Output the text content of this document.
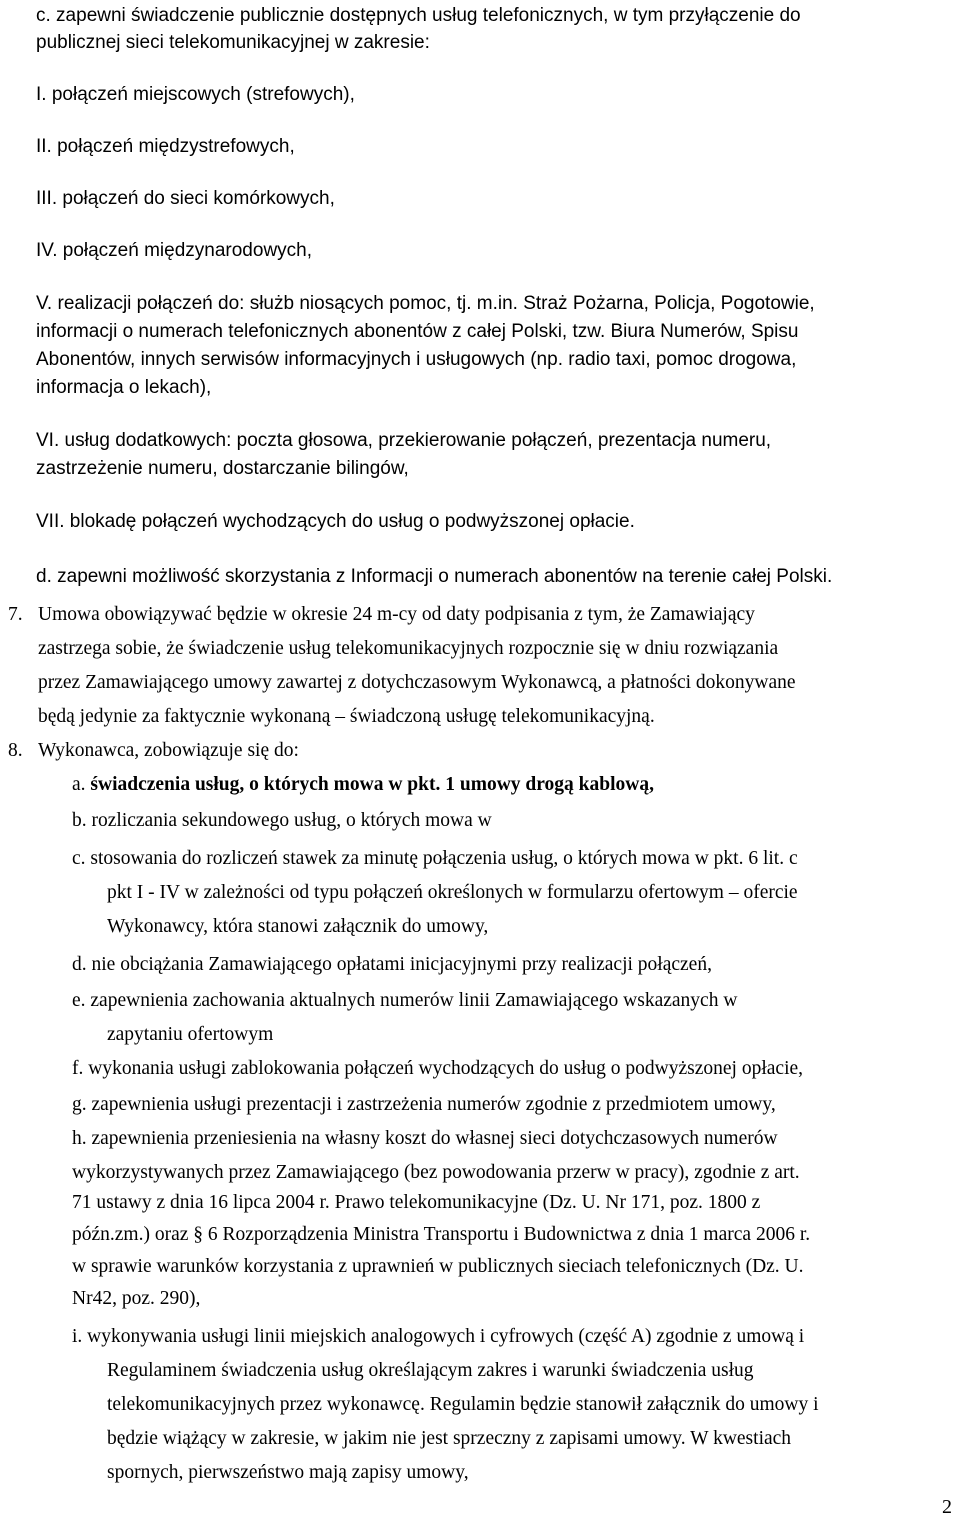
c. zapewni świadczenie publicznie dostępnych usług telefonicznych, w tym przyłączenie do
publicznej sieci telekomunikacyjnej w zakresie:
I. połączeń miejscowych (strefowych),
II. połączeń międzystrefowych,
III. połączeń do sieci komórkowych,
IV. połączeń międzynarodowych,
V. realizacji połączeń do: służb niosących pomoc, tj. m.in. Straż Pożarna, Policja, Pogotowie,
informacji o numerach telefonicznych abonentów z całej Polski, tzw. Biura Numerów, Spisu
Abonentów, innych serwisów informacyjnych i usługowych (np. radio taxi, pomoc drogowa,
informacja o lekach),
VI. usług dodatkowych: poczta głosowa, przekierowanie połączeń, prezentacja numeru,
zastrzeżenie numeru, dostarczanie bilingów,
VII. blokadę połączeń wychodzących do usług o podwyższonej opłacie.
d. zapewni możliwość skorzystania z Informacji o numerach abonentów na terenie całej Polski.
7. Umowa obowiązywać będzie w okresie 24 m-cy od daty podpisania z tym, że Zamawiający
zastrzega sobie, że świadczenie usług telekomunikacyjnych rozpocznie się w dniu rozwiązania
przez Zamawiającego umowy zawartej z dotychczasowym Wykonawcą, a płatności dokonywane
będą jedynie za faktycznie wykonaną – świadczoną usługę telekomunikacyjną.
8. Wykonawca, zobowiązuje się do:
a. świadczenia usług, o których mowa w pkt. 1 umowy drogą kablową,
b. rozliczania sekundowego usług, o których mowa w
c. stosowania do rozliczeń stawek za minutę połączenia usług, o których mowa w pkt. 6 lit. c
pkt I - IV w zależności od typu połączeń określonych w formularzu ofertowym – ofercie
Wykonawcy, która stanowi załącznik do umowy,
d. nie obciążania Zamawiającego opłatami inicjacyjnymi przy realizacji połączeń,
e. zapewnienia zachowania aktualnych numerów linii Zamawiającego wskazanych w
zapytaniu ofertowym
f. wykonania usługi zablokowania połączeń wychodzących do usług o podwyższonej opłacie,
g. zapewnienia usługi prezentacji i zastrzeżenia numerów zgodnie z przedmiotem umowy,
h. zapewnienia przeniesienia na własny koszt do własnej sieci dotychczasowych numerów
wykorzystywanych przez Zamawiającego (bez powodowania przerw w pracy), zgodnie z art.
71 ustawy z dnia 16 lipca 2004 r. Prawo telekomunikacyjne (Dz. U. Nr 171, poz. 1800 z
późn.zm.) oraz § 6 Rozporządzenia Ministra Transportu i Budownictwa z dnia 1 marca 2006 r.
w sprawie warunków korzystania z uprawnień w publicznych sieciach telefonicznych (Dz. U.
Nr42, poz. 290),
i. wykonywania usługi linii miejskich analogowych i cyfrowych (część A) zgodnie z umową i
Regulaminem świadczenia usług określającym zakres i warunki świadczenia usług
telekomunikacyjnych przez wykonawcę. Regulamin będzie stanowił załącznik do umowy i
będzie wiążący w zakresie, w jakim nie jest sprzeczny z zapisami umowy. W kwestiach
spornych, pierwszeństwo mają zapisy umowy,
2
